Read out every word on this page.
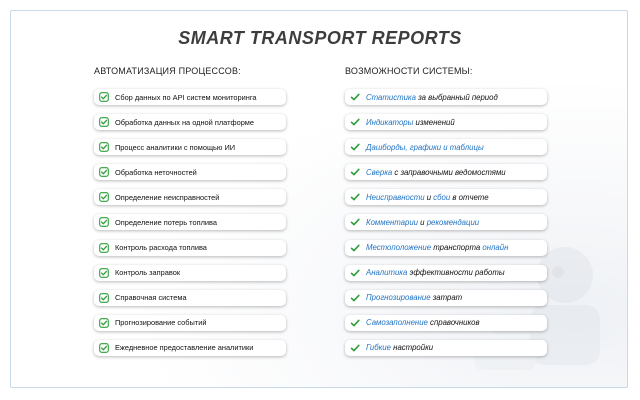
SMART TRANSPORT REPORTS
АВТОМАТИЗАЦИЯ ПРОЦЕССОВ:
Сбор данных по API систем мониторинга
Обработка данных на одной платформе
Процесс аналитики с помощью ИИ
Обработка неточностей
Определение неисправностей
Определение потерь топлива
Контроль расхода топлива
Контроль заправок
Справочная система
Прогнозирование событий
Ежедневное предоставление аналитики
ВОЗМОЖНОСТИ СИСТЕМЫ:
Статистика за выбранный период
Индикаторы изменений
Дашборды, графики и таблицы
Сверка с заправочными ведомостями
Неисправности и сбои в отчете
Комментарии и рекомендации
Местоположение транспорта онлайн
Аналитика эффективности работы
Прогнозирование затрат
Самозаполнение справочников
Гибкие настройки
